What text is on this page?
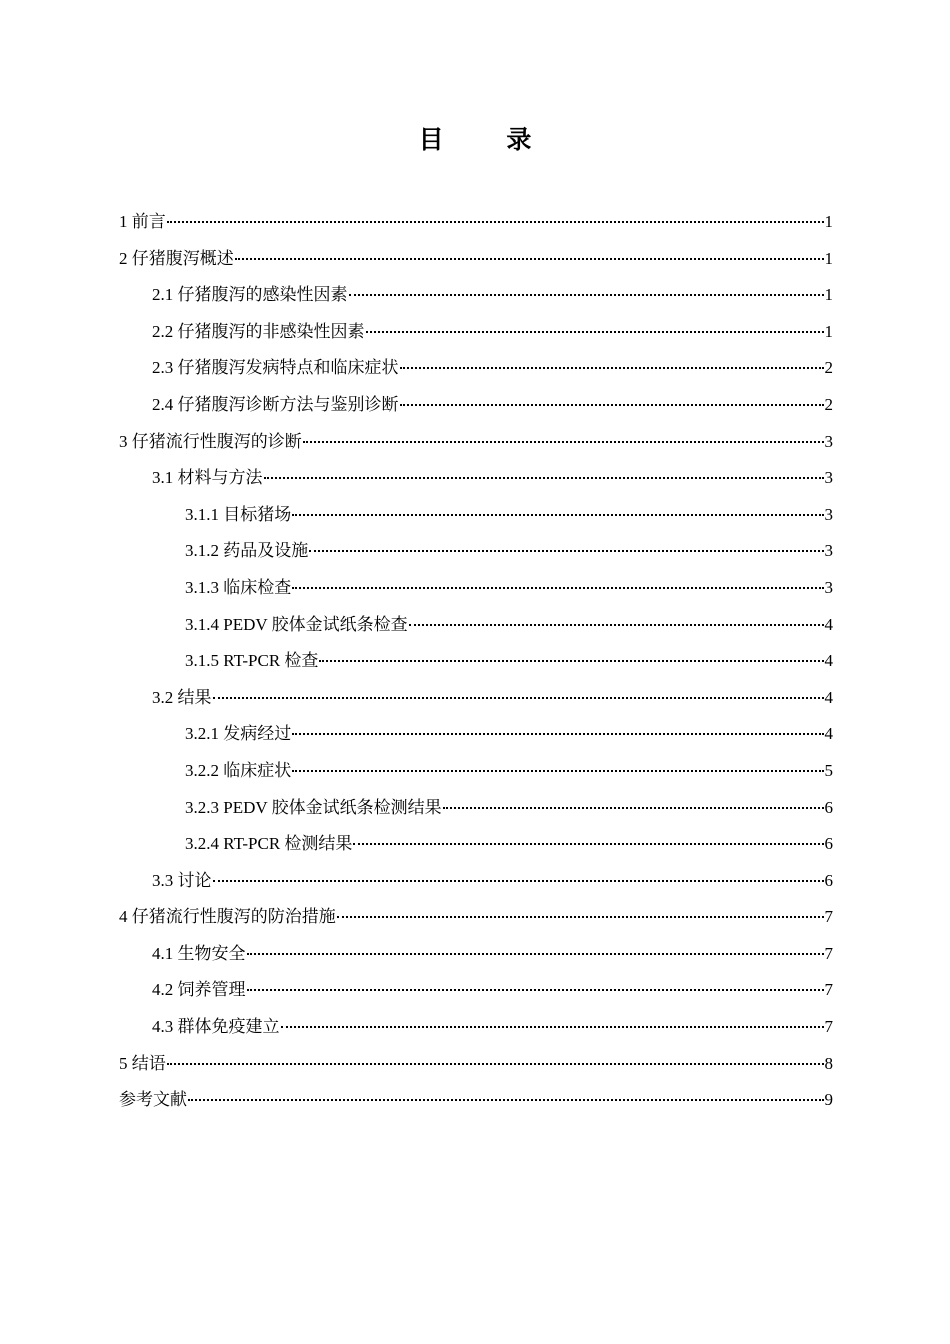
目 录
1 前言	1
2 仔猪腹泻概述	1
2.1 仔猪腹泻的感染性因素	1
2.2 仔猪腹泻的非感染性因素	1
2.3 仔猪腹泻发病特点和临床症状	2
2.4 仔猪腹泻诊断方法与鉴别诊断	2
3 仔猪流行性腹泻的诊断	3
3.1 材料与方法	3
3.1.1 目标猪场	3
3.1.2 药品及设施	3
3.1.3 临床检查	3
3.1.4 PEDV 胶体金试纸条检查	4
3.1.5 RT-PCR 检查	4
3.2 结果	4
3.2.1 发病经过	4
3.2.2 临床症状	5
3.2.3 PEDV 胶体金试纸条检测结果	6
3.2.4 RT-PCR 检测结果	6
3.3 讨论	6
4 仔猪流行性腹泻的防治措施	7
4.1 生物安全	7
4.2 饲养管理	7
4.3 群体免疫建立	7
5 结语	8
参考文献	9
